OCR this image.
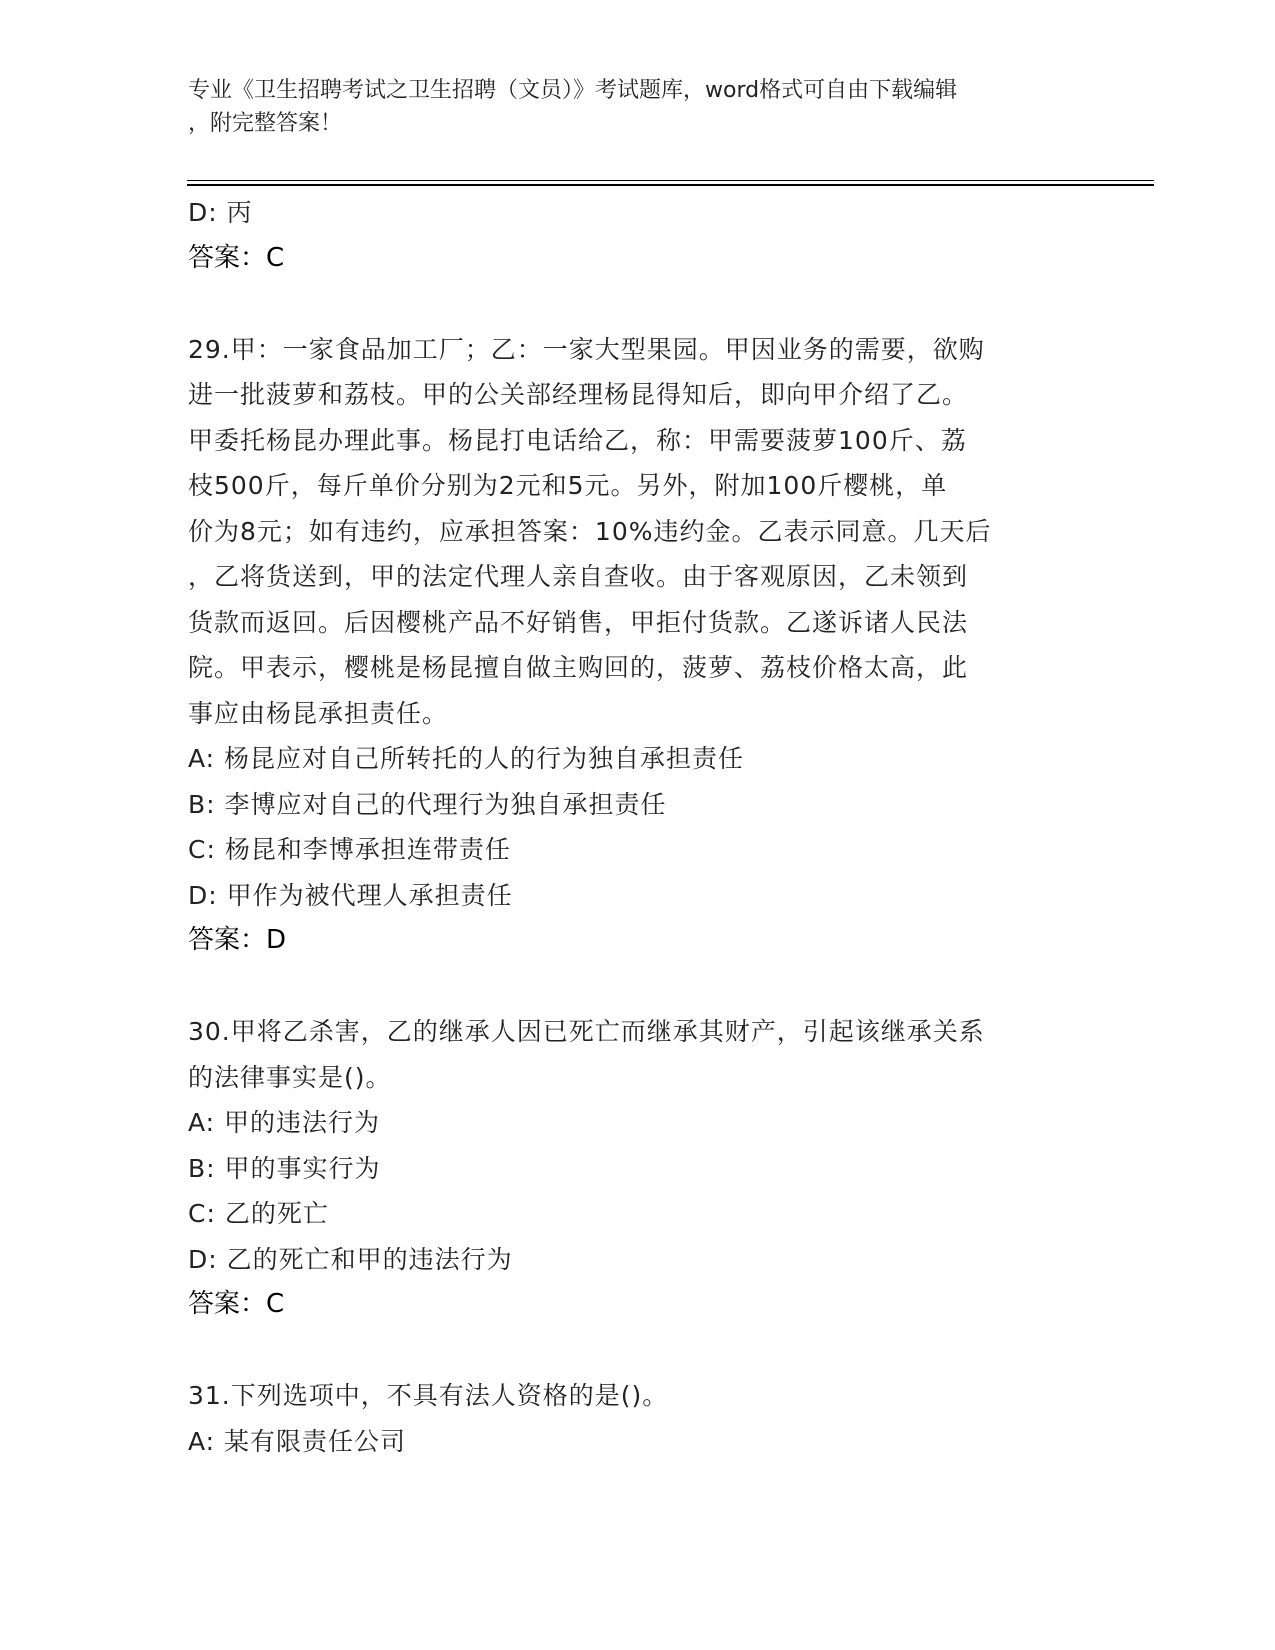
专业《卫生招聘考试之卫生招聘（文员）》考试题库，word格式可自由下载编辑
，附完整答案！
D: 丙
答案：C
29.甲：一家食品加工厂；乙：一家大型果园。甲因业务的需要，欲购
进一批菠萝和荔枝。甲的公关部经理杨昆得知后，即向甲介绍了乙。
甲委托杨昆办理此事。杨昆打电话给乙，称：甲需要菠萝100斤、荔
枝500斤，每斤单价分别为2元和5元。另外，附加100斤樱桃，单
价为8元；如有违约，应承担答案：10%违约金。乙表示同意。几天后
，乙将货送到，甲的法定代理人亲自查收。由于客观原因，乙未领到
货款而返回。后因樱桃产品不好销售，甲拒付货款。乙遂诉诸人民法
院。甲表示，樱桃是杨昆擅自做主购回的，菠萝、荔枝价格太高，此
事应由杨昆承担责任。
A: 杨昆应对自己所转托的人的行为独自承担责任
B: 李博应对自己的代理行为独自承担责任
C: 杨昆和李博承担连带责任
D: 甲作为被代理人承担责任
答案：D
30.甲将乙杀害，乙的继承人因已死亡而继承其财产，引起该继承关系
的法律事实是()。
A: 甲的违法行为
B: 甲的事实行为
C: 乙的死亡
D: 乙的死亡和甲的违法行为
答案：C
31.下列选项中，不具有法人资格的是()。
A: 某有限责任公司
